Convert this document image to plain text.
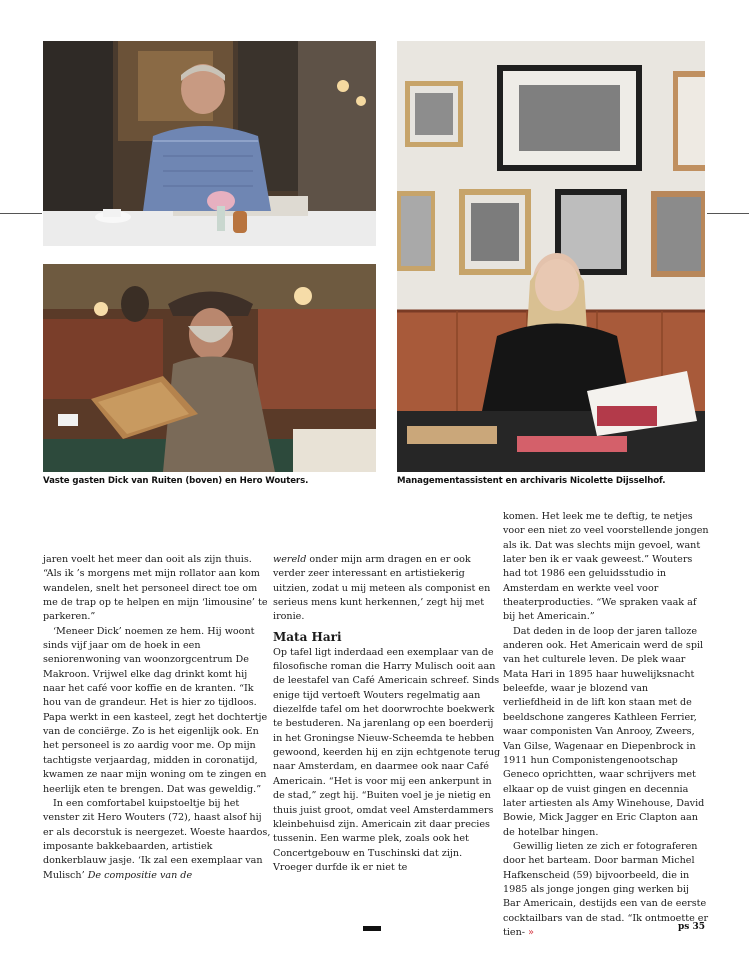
Vaste gasten Dick van Ruiten (boven) en Hero Wouters.	Managementassistent en archivaris Nicolette Dijsselhof.

jaren voelt het meer dan ooit als zijn thuis. “Als ik ’s morgens met mijn rollator aan kom wandelen, snelt het personeel direct toe om me de trap op te helpen en mijn ‘limousine’ te parkeren.”

‘Meneer Dick’ noemen ze hem. Hij woont sinds vijf jaar om de hoek in een seniorenwoning van woonzorgcentrum De Makroon. Vrijwel elke dag drinkt komt hij naar het café voor koffie en de kranten. “Ik hou van de grandeur. Het is hier zo tijdloos. Papa werkt in een kasteel, zegt het dochtertje van de conciërge. Zo is het eigenlijk ook. En het personeel is zo aardig voor me. Op mijn tachtigste verjaardag, midden in coronatijd, kwamen ze naar mijn woning om te zingen en heerlijk eten te brengen. Dat was geweldig.”

In een comfortabel kuipstoeltje bij het venster zit Hero Wouters (72), haast alsof hij er als decorstuk is neergezet. Woeste haardos, imposante bakkebaarden, artistiek donkerblauw jasje. ‘Ik zal een exemplaar van Mulisch’ De compositie van de

wereld onder mijn arm dragen en er ook verder zeer interessant en artistiekerig uitzien, zodat u mij meteen als componist en serieus mens kunt herkennen,’ zegt hij met ironie.

Mata Hari

Op tafel ligt inderdaad een exemplaar van de filosofische roman die Harry Mulisch ooit aan de leestafel van Café Americain schreef. Sinds enige tijd vertoeft Wouters regelmatig aan diezelfde tafel om het doorwrochte boekwerk te bestuderen. Na jarenlang op een boerderij in het Groningse Nieuw-Scheemda te hebben gewoond, keerden hij en zijn echtgenote terug naar Amsterdam, en daarmee ook naar Café Americain. “Het is voor mij een ankerpunt in de stad,” zegt hij. “Buiten voel je je nietig en thuis juist groot, omdat veel Amsterdammers kleinbehuisd zijn. Americain zit daar precies tussenin. Een warme plek, zoals ook het Concertgebouw en Tuschinski dat zijn. Vroeger durfde ik er niet te

komen. Het leek me te deftig, te netjes voor een niet zo veel voorstellende jongen als ik. Dat was slechts mijn gevoel, want later ben ik er vaak geweest.” Wouters had tot 1986 een geluidsstudio in Amsterdam en werkte veel voor theaterproducties. “We spraken vaak af bij het Americain.”

Dat deden in de loop der jaren talloze anderen ook. Het Americain werd de spil van het culturele leven. De plek waar Mata Hari in 1895 haar huwelijksnacht beleefde, waar je blozend van verliefdheid in de lift kon staan met de beeldschone zangeres Kathleen Ferrier, waar componisten Van Anrooy, Zweers, Van Gilse, Wagenaar en Diepenbrock in 1911 hun Componistengenootschap Geneco oprichtten, waar schrijvers met elkaar op de vuist gingen en decennia later artiesten als Amy Winehouse, David Bowie, Mick Jagger en Eric Clapton aan de hotelbar hingen.

Gewillig lieten ze zich er fotograferen door het barteam. Door barman Michel Hafkenscheid (59) bijvoorbeeld, die in 1985 als jonge jongen ging werken bij Bar Americain, destijds een van de eerste cocktailbars van de stad. “Ik ontmoette er tien- »	ps 35
